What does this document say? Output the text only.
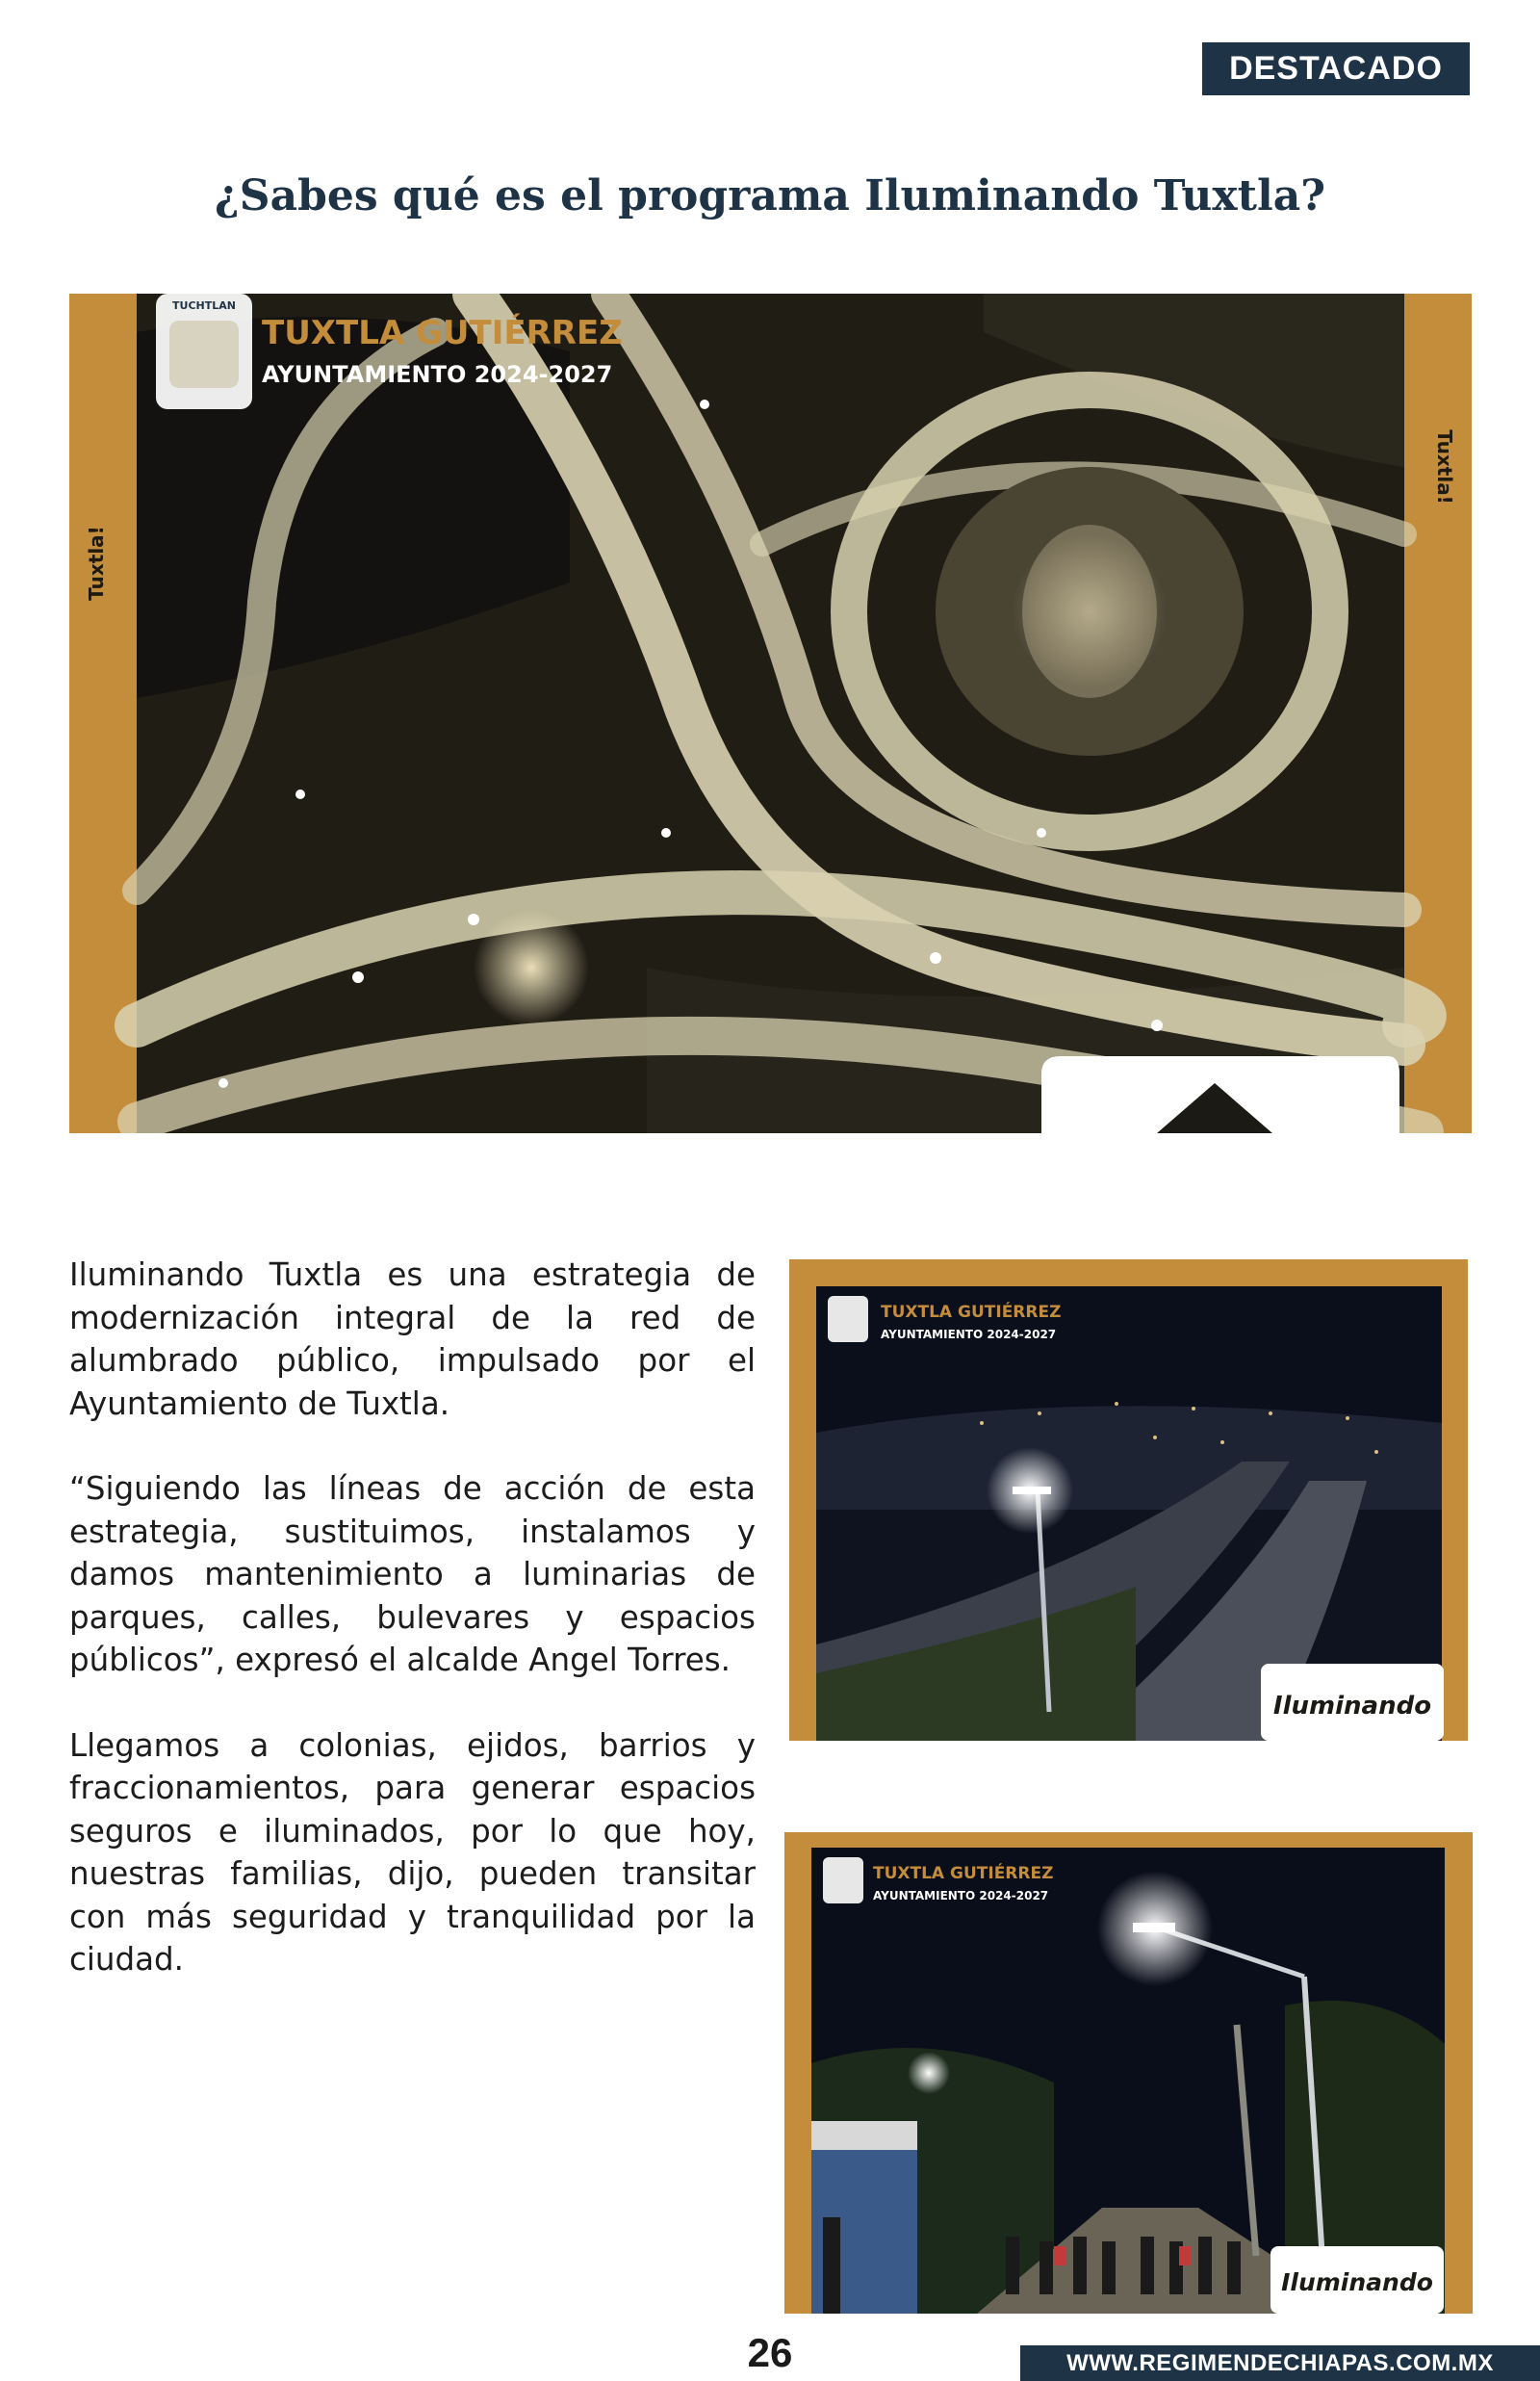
DESTACADO
¿Sabes qué es el programa Iluminando Tuxtla?
TUCHTLAN
TUXTLA GUTIÉRREZ
AYUNTAMIENTO 2024-2027
Tuxtla!
Tuxtla!

Iluminando Tuxtla es una estrategia de modernización integral de la red de alumbrado público, impulsado por el Ayuntamiento de Tuxtla.

“Siguiendo las líneas de acción de esta estrategia, sustituimos, instalamos y damos mantenimiento a luminarias de parques, calles, bulevares y espacios públicos”, expresó el alcalde Angel Torres.

Llegamos a colonias, ejidos, barrios y fraccionamientos, para generar espacios seguros e iluminados, por lo que hoy, nuestras familias, dijo, pueden transitar con más seguridad y tranquilidad por la ciudad.

TUXTLA GUTIÉRREZ
AYUNTAMIENTO 2024-2027
Iluminando
TUXTLA GUTIÉRREZ
AYUNTAMIENTO 2024-2027
Iluminando
26	WWW.REGIMENDECHIAPAS.COM.MX
